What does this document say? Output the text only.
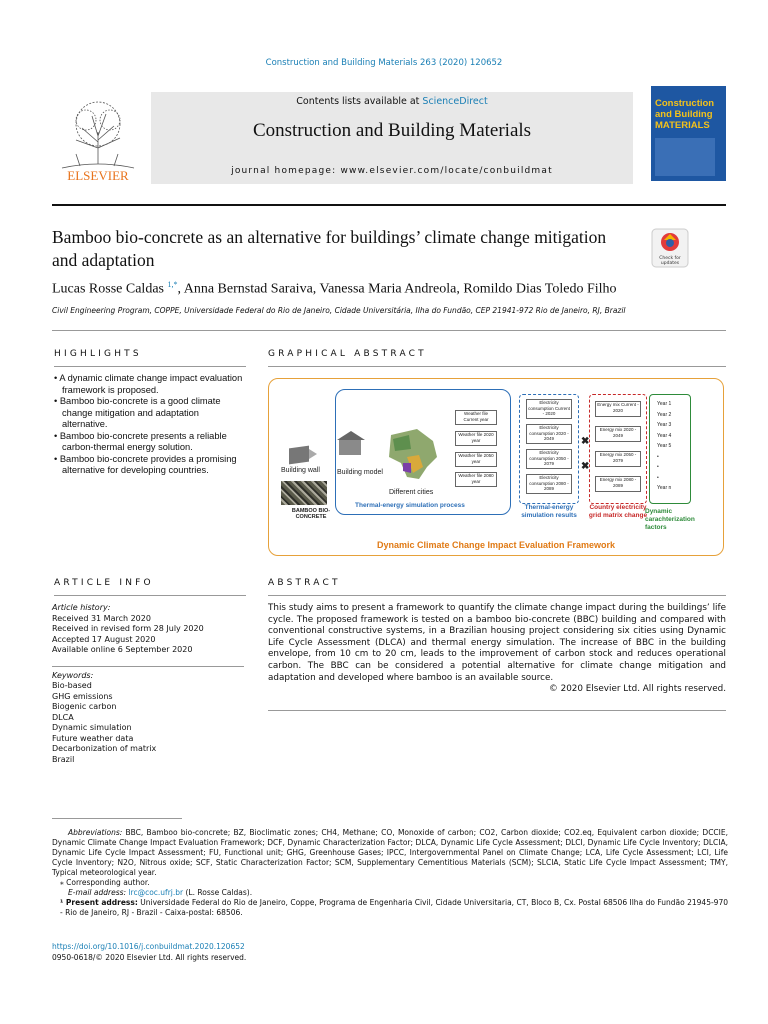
Construction and Building Materials 263 (2020) 120652
ELSEVIER
Contents lists available at ScienceDirect
Construction and Building Materials
journal homepage: www.elsevier.com/locate/conbuildmat
Construction and Building MATERIALS
Bamboo bio-concrete as an alternative for buildings’ climate change mitigation and adaptation	Check for
updates
Lucas Rosse Caldas $^{1,*}$, Anna Bernstad Saraiva, Vanessa Maria Andreola, Romildo Dias Toledo Filho
Civil Engineering Program, COPPE, Universidade Federal do Rio de Janeiro, Cidade Universitária, Ilha do Fundão, CEP 21941-972 Rio de Janeiro, RJ, Brazil
HIGHLIGHTS
• A dynamic climate change impact evaluation framework is proposed.
• Bamboo bio-concrete is a good climate change mitigation and adaptation alternative.
• Bamboo bio-concrete presents a reliable carbon-thermal energy solution.
• Bamboo bio-concrete provides a promising alternative for developing countries.
GRAPHICAL ABSTRACT
Building wall
BAMBOO BIO-CONCRETE
Building model
Different cities
Thermal-energy simulation process
Weather file Current year
Weather file 2020 year
Weather file 2050 year
Weather file 2080 year
Electricity consumption Current - 2020
Electricity consumption 2020 - 2049
Electricity consumption 2050 - 2079
Electricity consumption 2080 - 2089
Thermal-energy simulation results
Energy mix Current - 2020
Energy mix 2020 - 2049
Energy mix 2050 - 2079
Energy mix 2080 - 2089
✖
✖
Country electricity grid matrix change
Year 1
Year 2
Year 3
Year 4
Year 5
•
•
•
Year n
Dynamic carachterization factors
Dynamic Climate Change Impact Evaluation Framework
ARTICLE INFO
Article history:
Received 31 March 2020
Received in revised form 28 July 2020
Accepted 17 August 2020
Available online 6 September 2020
Keywords:
Bio-based
GHG emissions
Biogenic carbon
DLCA
Dynamic simulation
Future weather data
Decarbonization of matrix
Brazil
ABSTRACT
This study aims to present a framework to quantify the climate change impact during the buildings’ life cycle. The proposed framework is tested on a bamboo bio-concrete (BBC) building and compared with conventional constructive systems, in a Brazilian housing project considering six cities using Dynamic Life Cycle Assessment (DLCA) and thermal energy simulation. The increase of BBC in the building envelope, from 10 cm to 20 cm, leads to the improvement of carbon stock and reduces operational carbon. The BBC can be considered a potential alternative for climate change mitigation and adaptation and developed where bamboo is an available source.
© 2020 Elsevier Ltd. All rights reserved.
Abbreviations: BBC, Bamboo bio-concrete; BZ, Bioclimatic zones; CH4, Methane; CO, Monoxide of carbon; CO2, Carbon dioxide; CO2.eq, Equivalent carbon dioxide; DCCIE, Dynamic Climate Change Impact Evaluation Framework; DCF, Dynamic Characterization Factor; DLCA, Dynamic Life Cycle Assessment; DLCI, Dynamic Life Cycle Inventory; DLCIA, Dynamic Life Cycle Impact Assessment; FU, Functional unit; GHG, Greenhouse Gases; IPCC, Intergovernmental Panel on Climate Change; LCA, Life Cycle Assessment; LCI, Life Cycle Inventory; N2O, Nitrous oxide; SCF, Static Characterization Factor; SCM, Supplementary Cementitious Materials (SCM); SLCIA, Static Life Cycle Impact Assessment; TMY, Typical meteorological year.
⁎ Corresponding author.
E-mail address: lrc@coc.ufrj.br (L. Rosse Caldas).
¹ Present address: Universidade Federal do Rio de Janeiro, Coppe, Programa de Engenharia Civil, Cidade Universitaria, CT, Bloco B, Cx. Postal 68506 Ilha do Fundão 21945-970 - Rio de Janeiro, RJ - Brazil - Caixa-postal: 68506.
https://doi.org/10.1016/j.conbuildmat.2020.120652
0950-0618/© 2020 Elsevier Ltd. All rights reserved.
